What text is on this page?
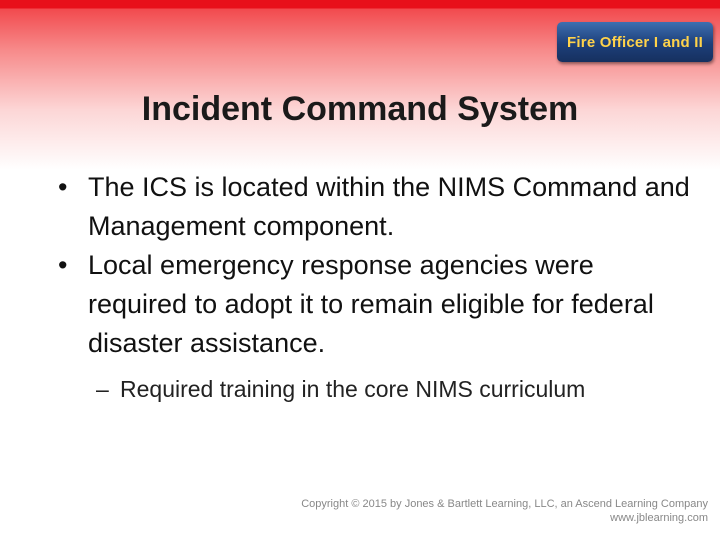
Fire Officer I and II
Incident Command System
• The ICS is located within the NIMS Command and Management component.
• Local emergency response agencies were required to adopt it to remain eligible for federal disaster assistance.
– Required training in the core NIMS curriculum
Copyright © 2015 by Jones & Bartlett Learning, LLC, an Ascend Learning Company
www.jblearning.com
